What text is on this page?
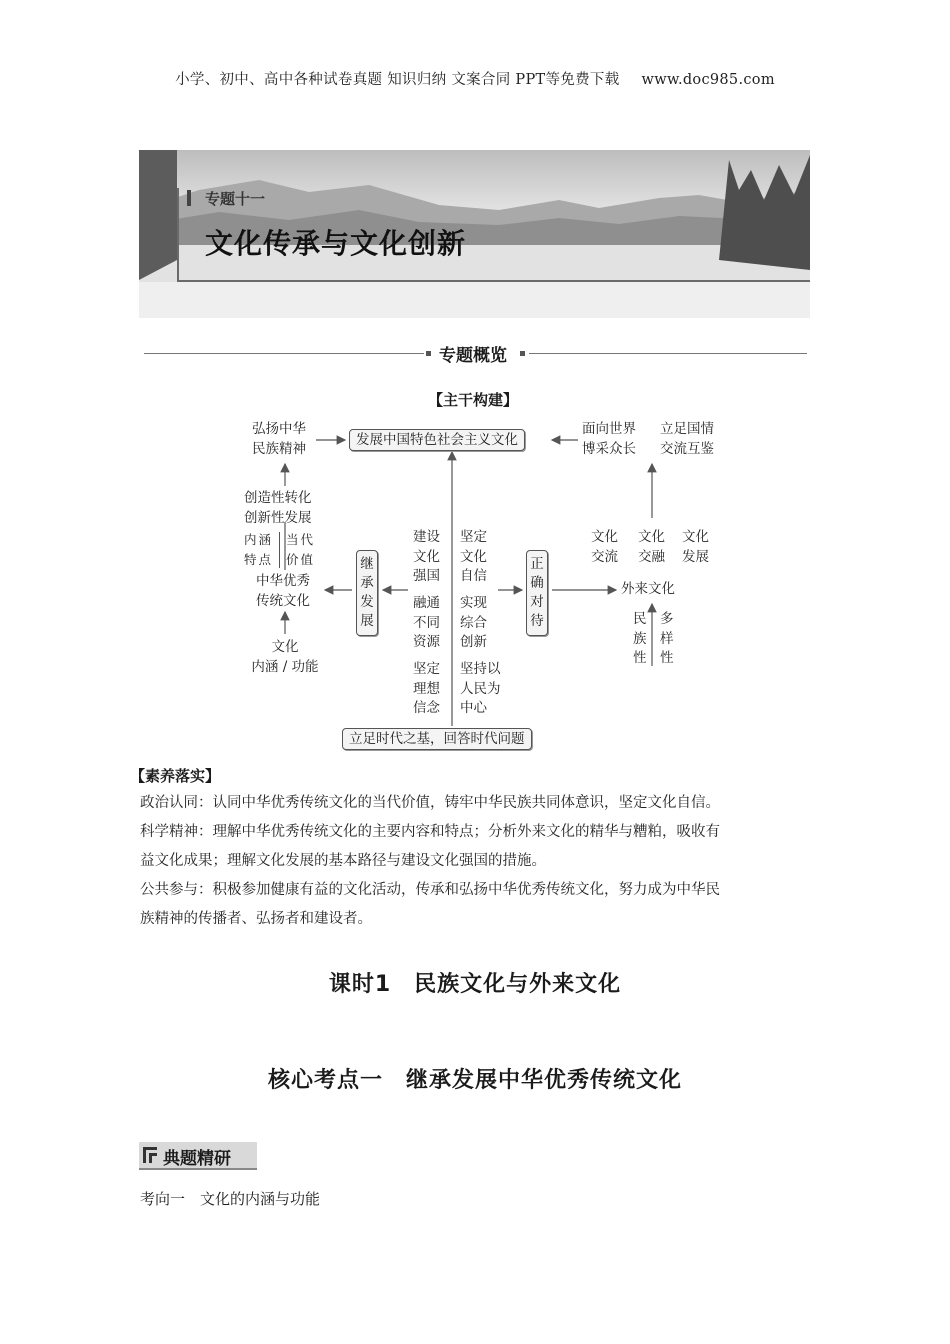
小学、初中、高中各种试卷真题 知识归纳 文案合同 PPT等免费下载 www.doc985.com
专题十一
文化传承与文化创新
专题概览
【主干构建】
发展中国特色社会主义文化
弘扬中华
民族精神
创造性转化
创新性发展
内涵
特点
当代
价值
中华优秀
传统文化
文化
内涵 / 功能
继
承
发
展
建设
文化
强国
坚定
文化
自信
融通
不同
资源
实现
综合
创新
坚定
理想
信念
坚持以
人民为
中心
正
确
对
待
面向世界
博采众长
立足国情
交流互鉴
文化
交流
文化
交融
文化
发展
外来文化
民
族
性
多
样
性
立足时代之基，回答时代问题
【素养落实】
政治认同：认同中华优秀传统文化的当代价值，铸牢中华民族共同体意识，坚定文化自信。
科学精神：理解中华优秀传统文化的主要内容和特点；分析外来文化的精华与糟粕，吸收有
益文化成果；理解文化发展的基本路径与建设文化强国的措施。
公共参与：积极参加健康有益的文化活动，传承和弘扬中华优秀传统文化，努力成为中华民
族精神的传播者、弘扬者和建设者。
课时1　民族文化与外来文化
核心考点一　继承发展中华优秀传统文化
典题精研
考向一　文化的内涵与功能
